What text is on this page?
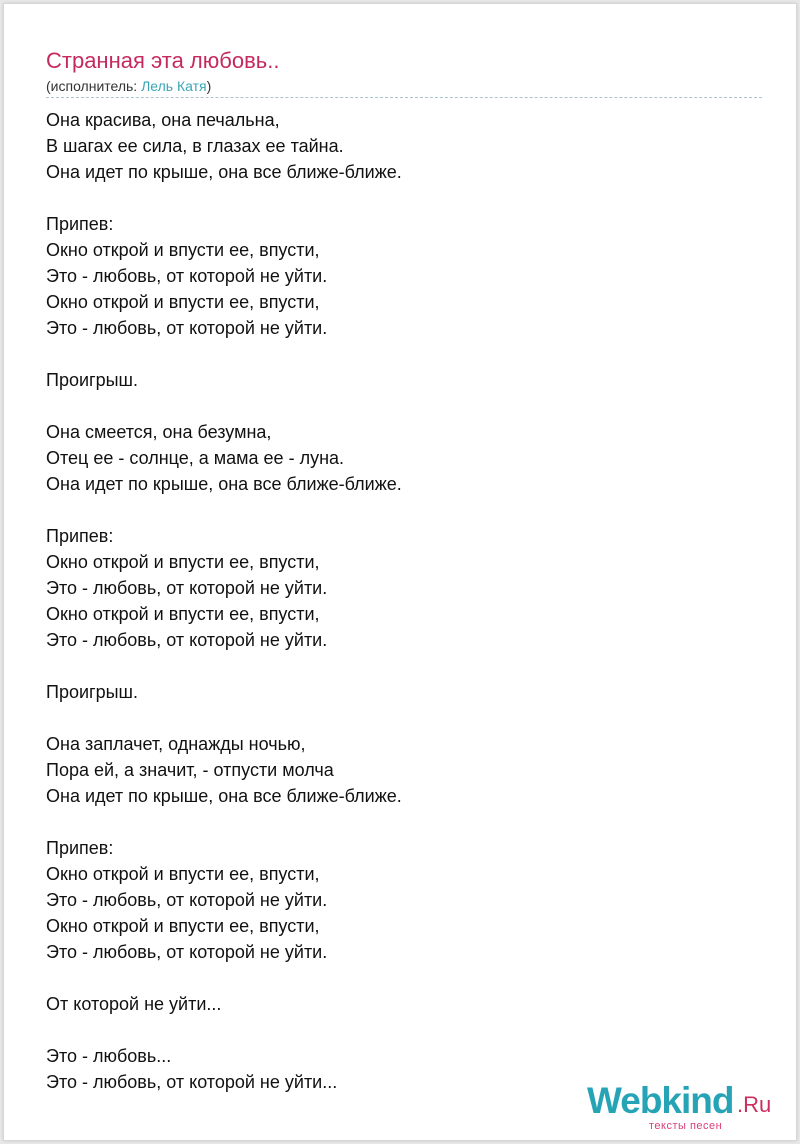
Странная эта любовь..
(исполнитель: Лель Катя)
Она красива, она печальна,
В шагах ее сила, в глазах ее тайна.
Она идет по крыше, она все ближе-ближе.
Припев:
Окно открой и впусти ее, впусти,
Это - любовь, от которой не уйти.
Окно открой и впусти ее, впусти,
Это - любовь, от которой не уйти.
Проигрыш.
Она смеется, она безумна,
Отец ее - солнце, а мама ее - луна.
Она идет по крыше, она все ближе-ближе.
Припев:
Окно открой и впусти ее, впусти,
Это - любовь, от которой не уйти.
Окно открой и впусти ее, впусти,
Это - любовь, от которой не уйти.
Проигрыш.
Она заплачет, однажды ночью,
Пора ей, а значит, - отпусти молча
Она идет по крыше, она все ближе-ближе.
Припев:
Окно открой и впусти ее, впусти,
Это - любовь, от которой не уйти.
Окно открой и впусти ее, впусти,
Это - любовь, от которой не уйти.
От которой не уйти...
Это - любовь...
Это - любовь, от которой не уйти...	Webkind .Ru
тексты песен
